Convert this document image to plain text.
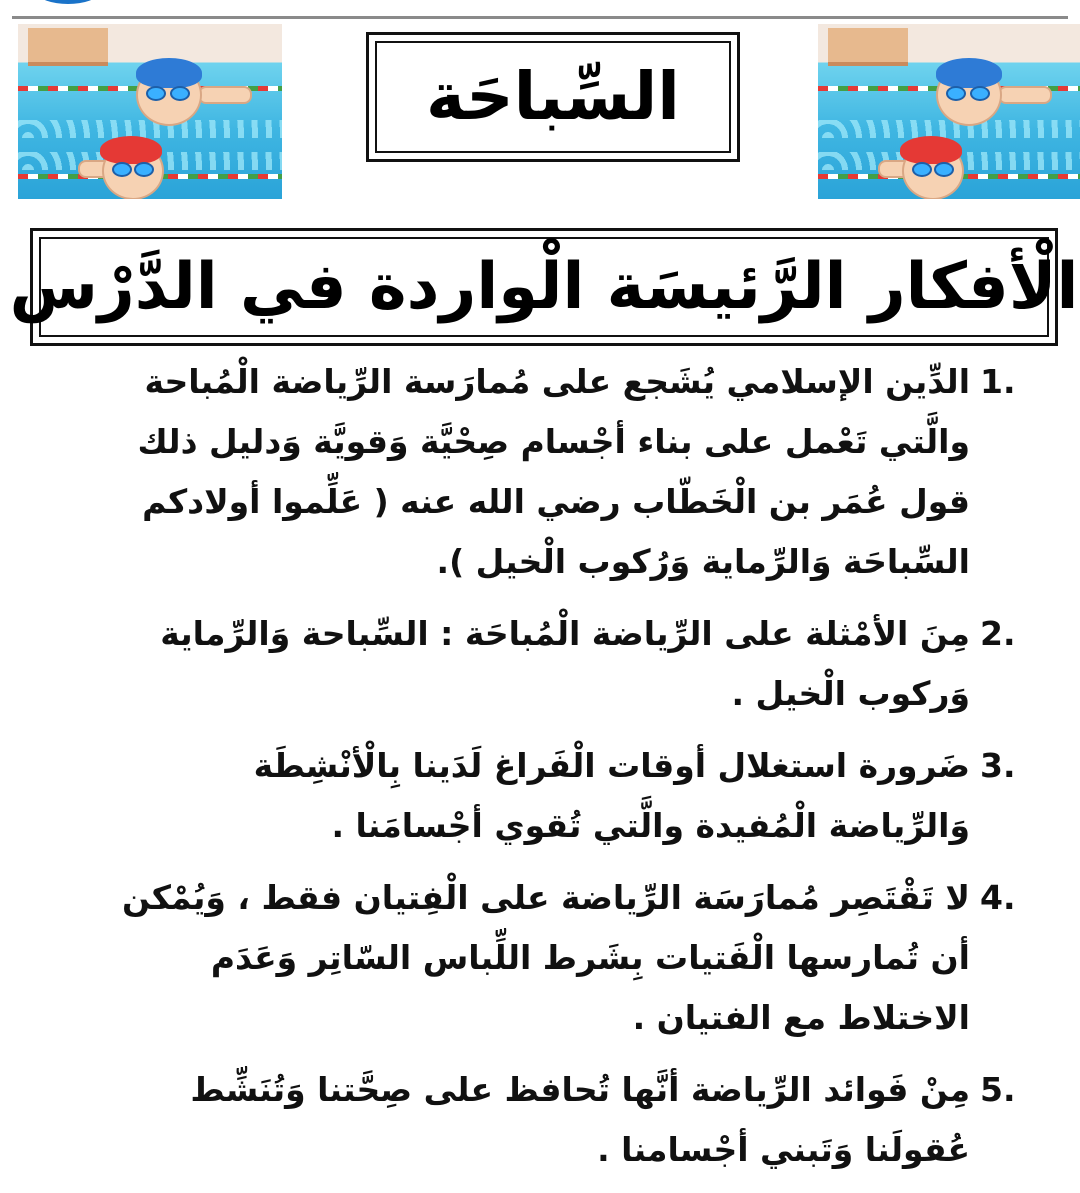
السِّباحَة
الْأفكار الرَّئيسَة الْواردة في الدَّرْس
1.
الدِّين الإسلامي يُشَجع على مُمارَسة الرِّياضة الْمُباحة والَّتي تَعْمل على بناء أجْسام صِحْيَّة وَقويَّة وَدليل ذلك قول عُمَر بن الْخَطّاب رضي الله عنه ( عَلِّموا أولادكم السِّباحَة وَالرِّماية وَرُكوب الْخيل ).
2.
مِنَ الأمْثلة على الرِّياضة الْمُباحَة : السِّباحة وَالرِّماية وَركوب الْخيل .
3.
ضَرورة استغلال أوقات الْفَراغ لَدَينا بِالْأنْشِطَة وَالرِّياضة الْمُفيدة والَّتي تُقوي أجْسامَنا .
4.
لا تَقْتَصِر مُمارَسَة الرِّياضة على الْفِتيان فقط ، وَيُمْكن أن تُمارسها الْفَتيات بِشَرط اللِّباس السّاتِر وَعَدَم الاختلاط مع الفتيان .
5.
مِنْ فَوائد الرِّياضة أنَّها تُحافظ على صِحَّتنا وَتُنَشِّط عُقولَنا وَتَبني أجْسامنا .
